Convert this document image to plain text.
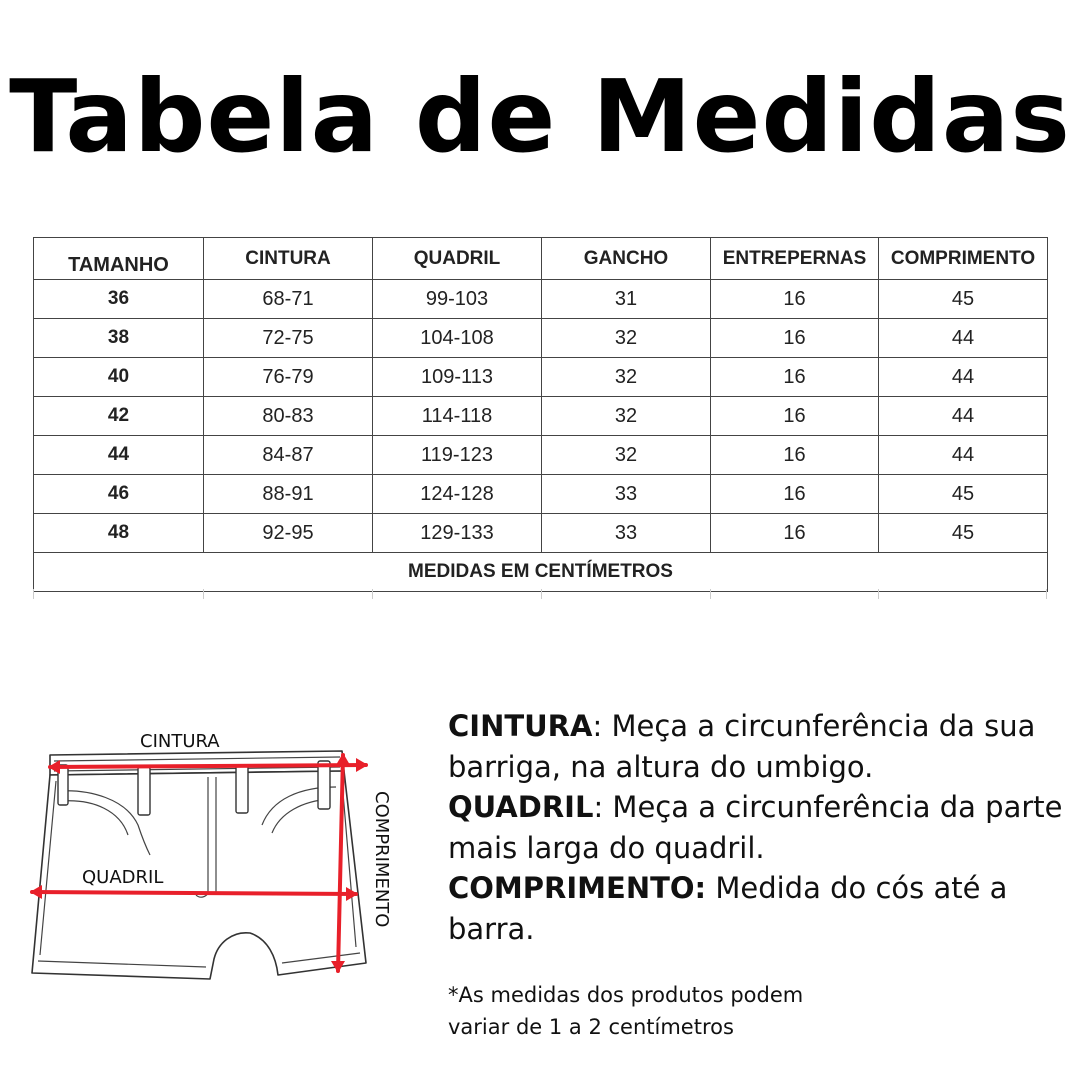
Tabela de Medidas
TAMANHO	CINTURA	QUADRIL	GANCHO	ENTREPERNAS	COMPRIMENTO
36	68-71	99-103	31	16	45
38	72-75	104-108	32	16	44
40	76-79	109-113	32	16	44
42	80-83	114-118	32	16	44
44	84-87	119-123	32	16	44
46	88-91	124-128	33	16	45
48	92-95	129-133	33	16	45
MEDIDAS EM CENTÍMETROS					
CINTURA
QUADRIL	COMPRIMENTO

CINTURA: Meça a circunferência da sua barriga, na altura do umbigo.

QUADRIL: Meça a circunferência da parte mais larga do quadril.

COMPRIMENTO: Medida do cós até a barra.

*As medidas dos produtos podem

variar de 1 a 2 centímetros
